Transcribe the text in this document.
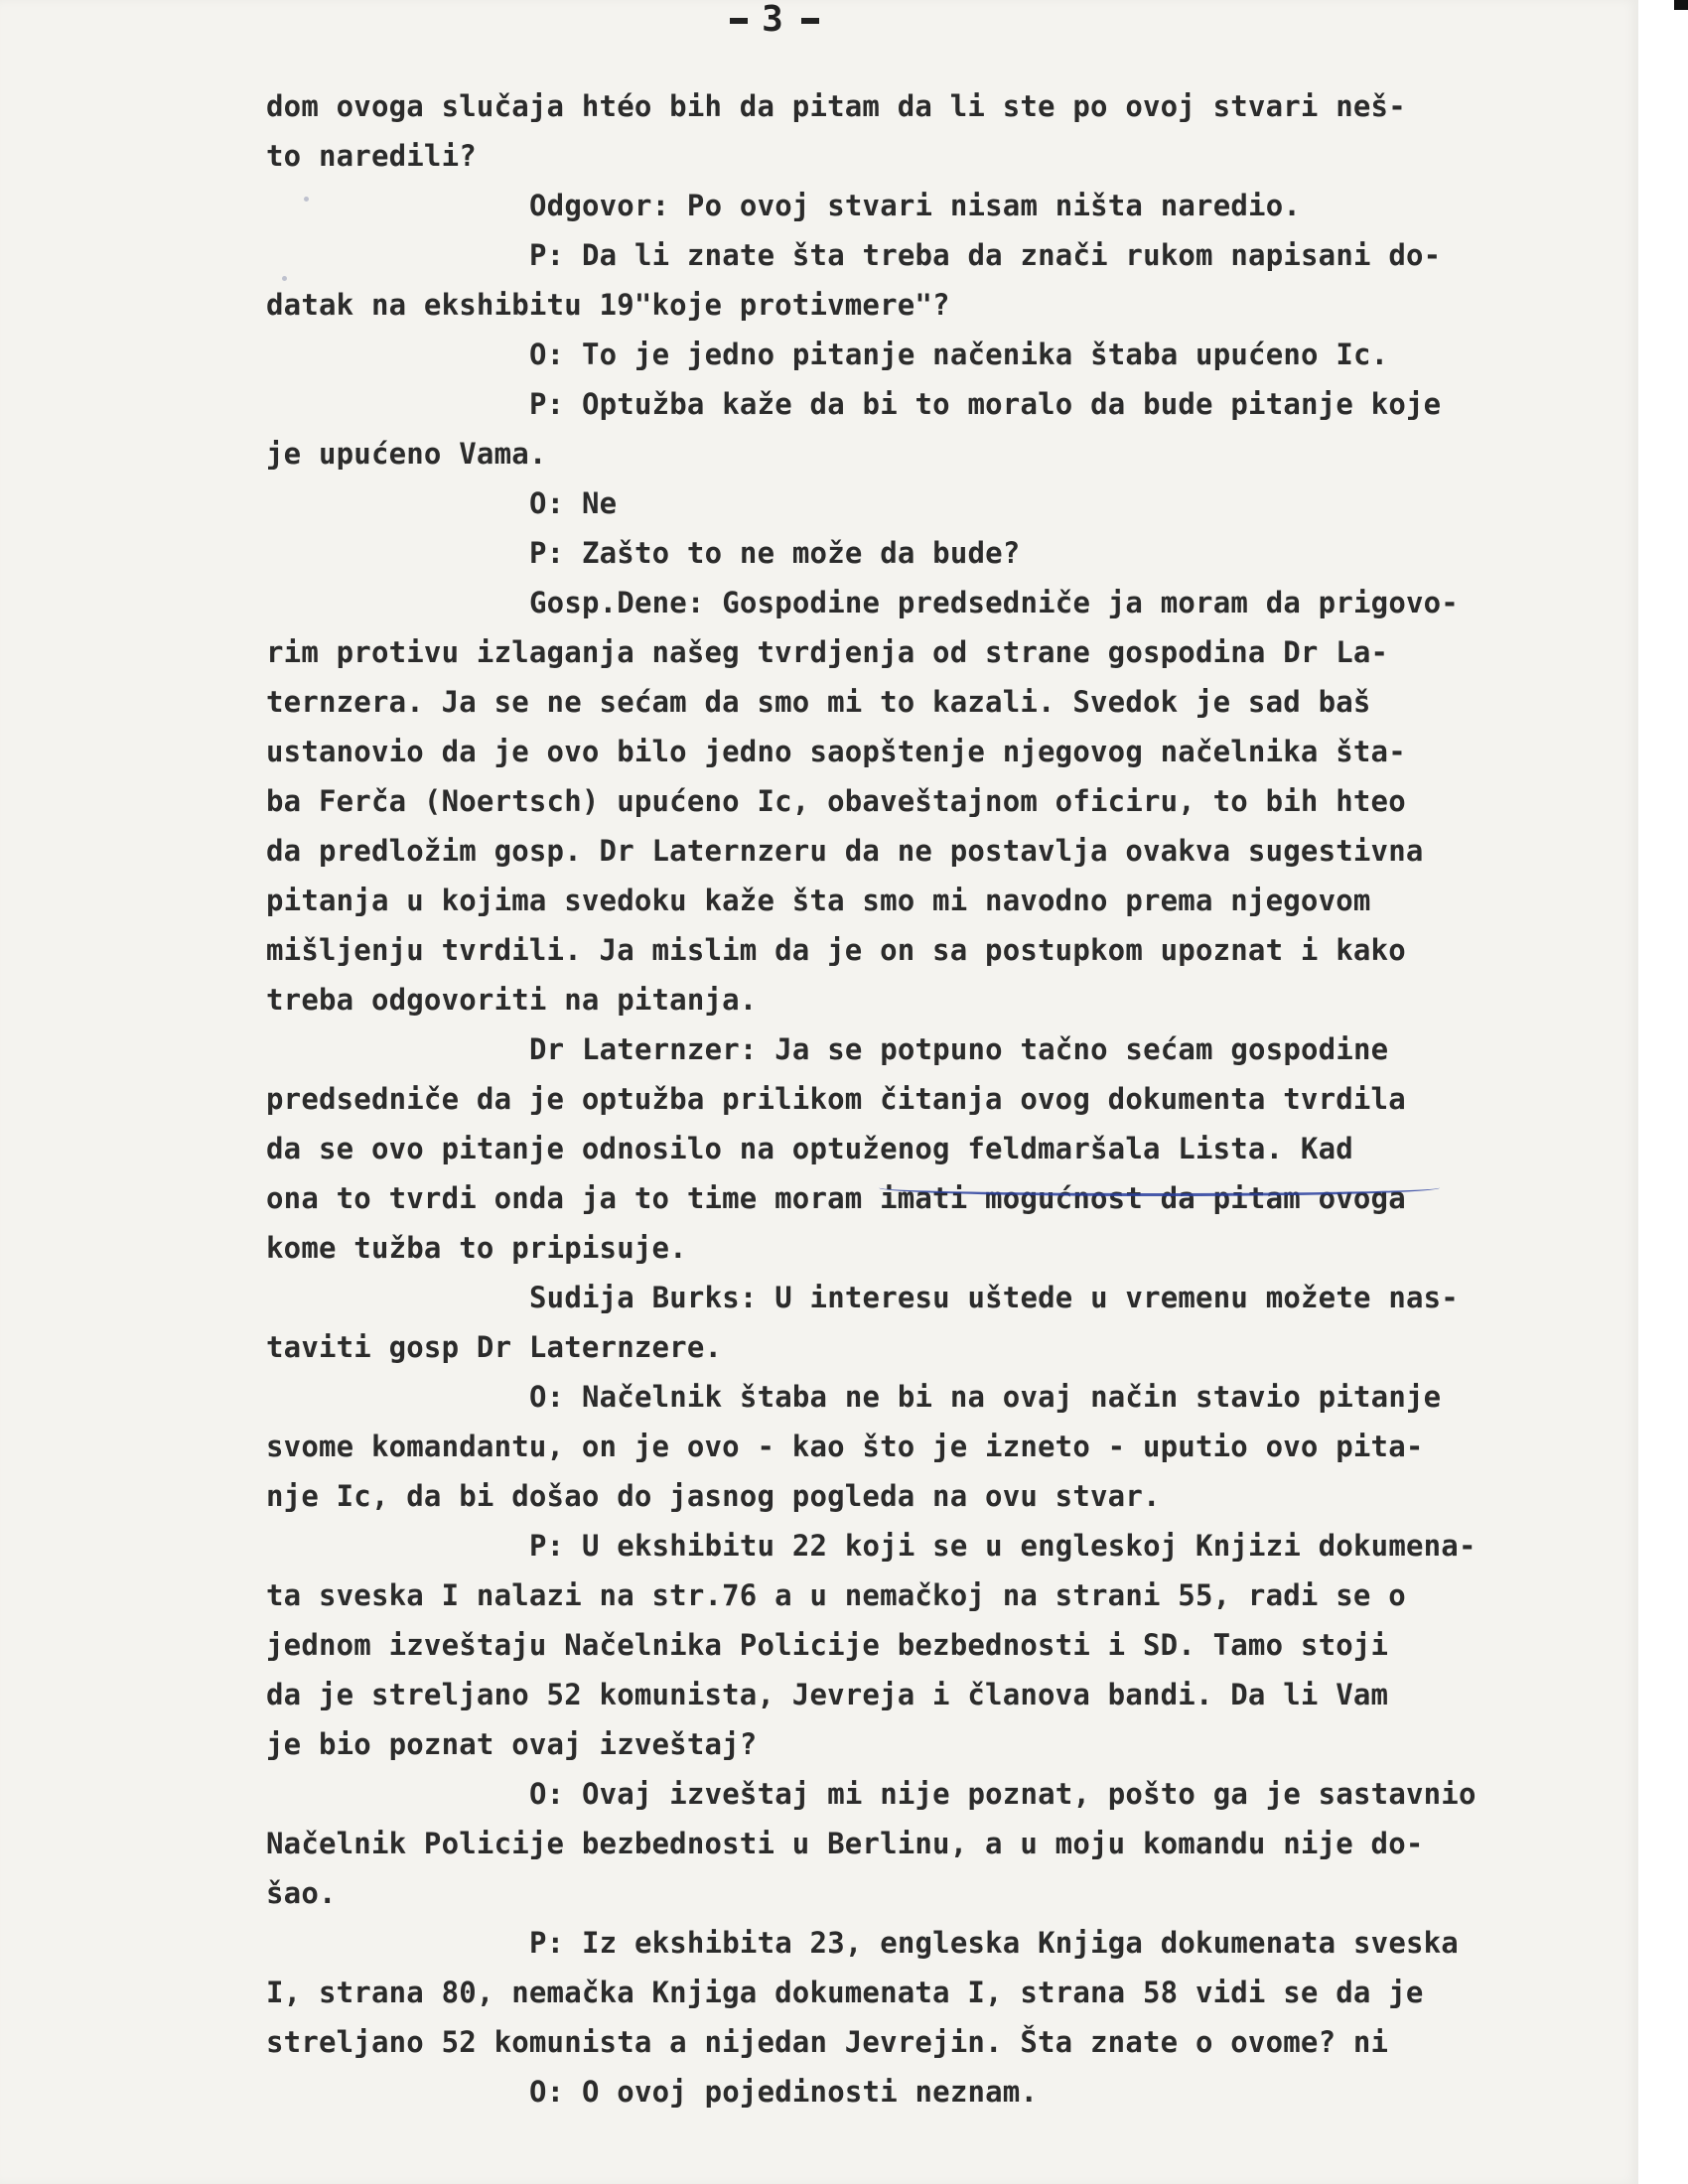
3
dom ovoga slučaja htéo bih da pitam da li ste po ovoj stvari neš-
to naredili?
Odgovor: Po ovoj stvari nisam ništa naredio.
P: Da li znate šta treba da znači rukom napisani do-
datak na ekshibitu 19"koje protivmere"?
O: To je jedno pitanje načenika štaba upućeno Ic.
P: Optužba kaže da bi to moralo da bude pitanje koje
je upućeno Vama.
O: Ne
P: Zašto to ne može da bude?
Gosp.Dene: Gospodine predsedniče ja moram da prigovo-
rim protivu izlaganja našeg tvrdjenja od strane gospodina Dr La-
ternzera. Ja se ne sećam da smo mi to kazali. Svedok je sad baš
ustanovio da je ovo bilo jedno saopštenje njegovog načelnika šta-
ba Ferča (Noertsch) upućeno Ic, obaveštajnom oficiru, to bih hteo
da predložim gosp. Dr Laternzeru da ne postavlja ovakva sugestivna
pitanja u kojima svedoku kaže šta smo mi navodno prema njegovom
mišljenju tvrdili. Ja mislim da je on sa postupkom upoznat i kako
treba odgovoriti na pitanja.
Dr Laternzer: Ja se potpuno tačno sećam gospodine
predsedniče da je optužba prilikom čitanja ovog dokumenta tvrdila
da se ovo pitanje odnosilo na optuženog feldmaršala Lista. Kad
ona to tvrdi onda ja to time moram imati mogućnost da pitam ovoga
kome tužba to pripisuje.
Sudija Burks: U interesu uštede u vremenu možete nas-
taviti gosp Dr Laternzere.
O: Načelnik štaba ne bi na ovaj način stavio pitanje
svome komandantu, on je ovo - kao što je izneto - uputio ovo pita-
nje Ic, da bi došao do jasnog pogleda na ovu stvar.
P: U ekshibitu 22 koji se u engleskoj Knjizi dokumena-
ta sveska I nalazi na str.76 a u nemačkoj na strani 55, radi se o
jednom izveštaju Načelnika Policije bezbednosti i SD. Tamo stoji
da je streljano 52 komunista, Jevreja i članova bandi. Da li Vam
je bio poznat ovaj izveštaj?
O: Ovaj izveštaj mi nije poznat, pošto ga je sastavnio
Načelnik Policije bezbednosti u Berlinu, a u moju komandu nije do-
šao.
P: Iz ekshibita 23, engleska Knjiga dokumenata sveska
I, strana 80, nemačka Knjiga dokumenata I, strana 58 vidi se da je
streljano 52 komunista a nijedan Jevrejin. Šta znate o ovome? ni
O: O ovoj pojedinosti neznam.
